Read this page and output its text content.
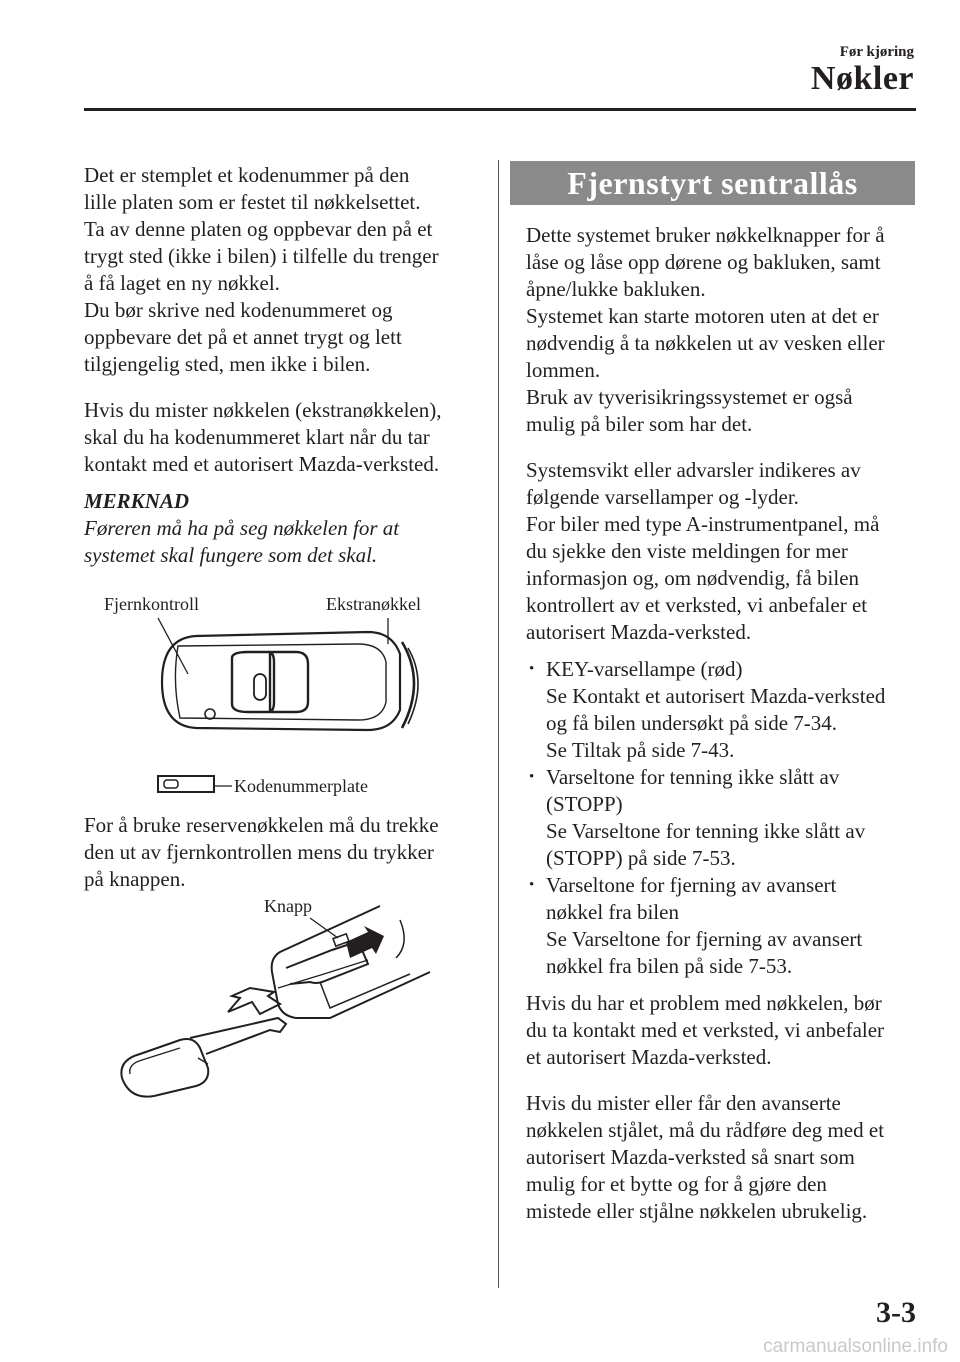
Før kjøring
Nøkler

Det er stemplet et kodenummer på den

lille platen som er festet til nøkkelsettet.

Ta av denne platen og oppbevar den på et

trygt sted (ikke i bilen) i tilfelle du trenger

å få laget en ny nøkkel.

Du bør skrive ned kodenummeret og

oppbevare det på et annet trygt og lett

tilgjengelig sted, men ikke i bilen.

Hvis du mister nøkkelen (ekstranøkkelen),

skal du ha kodenummeret klart når du tar

kontakt med et autorisert Mazda-verksted.

MERKNAD

Føreren må ha på seg nøkkelen for at

systemet skal fungere som det skal.

Fjernkontroll	Ekstranøkkel
Kodenummerplate

For å bruke reservenøkkelen må du trekke

den ut av fjernkontrollen mens du trykker

på knappen.

Knapp
Fjernstyrt sentrallås

Dette systemet bruker nøkkelknapper for å

låse og låse opp dørene og bakluken, samt

åpne/lukke bakluken.

Systemet kan starte motoren uten at det er

nødvendig å ta nøkkelen ut av vesken eller

lommen.

Bruk av tyverisikringssystemet er også

mulig på biler som har det.

Systemsvikt eller advarsler indikeres av

følgende varsellamper og -lyder.

For biler med type A-instrumentpanel, må

du sjekke den viste meldingen for mer

informasjon og, om nødvendig, få bilen

kontrollert av et verksted, vi anbefaler et

autorisert Mazda-verksted.

• KEY-varsellampe (rød)

Se Kontakt et autorisert Mazda-verksted

og få bilen undersøkt på side 7-34.

Se Tiltak på side 7-43.

• Varseltone for tenning ikke slått av

(STOPP)

Se Varseltone for tenning ikke slått av

(STOPP) på side 7-53.

• Varseltone for fjerning av avansert

nøkkel fra bilen

Se Varseltone for fjerning av avansert

nøkkel fra bilen på side 7-53.

Hvis du har et problem med nøkkelen, bør

du ta kontakt med et verksted, vi anbefaler

et autorisert Mazda-verksted.

Hvis du mister eller får den avanserte

nøkkelen stjålet, må du rådføre deg med et

autorisert Mazda-verksted så snart som

mulig for et bytte og for å gjøre den

mistede eller stjålne nøkkelen ubrukelig.

3-3
carmanualsonline.info
